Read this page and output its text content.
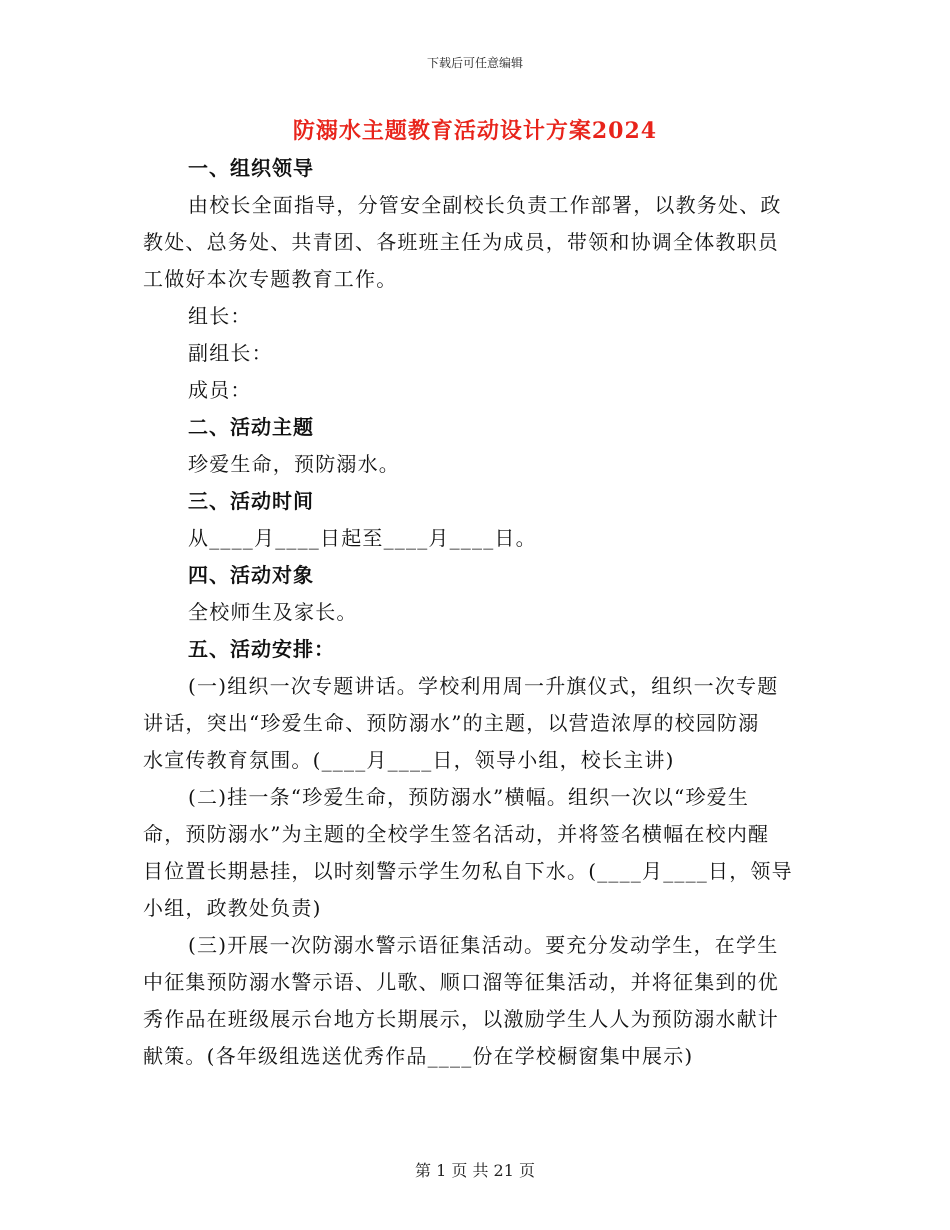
下载后可任意编辑
防溺水主题教育活动设计方案2024
一、组织领导
由校长全面指导，分管安全副校长负责工作部署，以教务处、政
教处、总务处、共青团、各班班主任为成员，带领和协调全体教职员
工做好本次专题教育工作。
组长：
副组长：
成员：
二、活动主题
珍爱生命，预防溺水。
三、活动时间
从____月____日起至____月____日。
四、活动对象
全校师生及家长。
五、活动安排：
(一)组织一次专题讲话。学校利用周一升旗仪式，组织一次专题
讲话，突出“珍爱生命、预防溺水”的主题，以营造浓厚的校园防溺
水宣传教育氛围。(____月____日，领导小组，校长主讲)
(二)挂一条“珍爱生命，预防溺水”横幅。组织一次以“珍爱生
命，预防溺水”为主题的全校学生签名活动，并将签名横幅在校内醒
目位置长期悬挂，以时刻警示学生勿私自下水。(____月____日，领导
小组，政教处负责)
(三)开展一次防溺水警示语征集活动。要充分发动学生，在学生
中征集预防溺水警示语、儿歌、顺口溜等征集活动，并将征集到的优
秀作品在班级展示台地方长期展示，以激励学生人人为预防溺水献计
献策。(各年级组选送优秀作品____份在学校橱窗集中展示)
第 1 页 共 21 页
